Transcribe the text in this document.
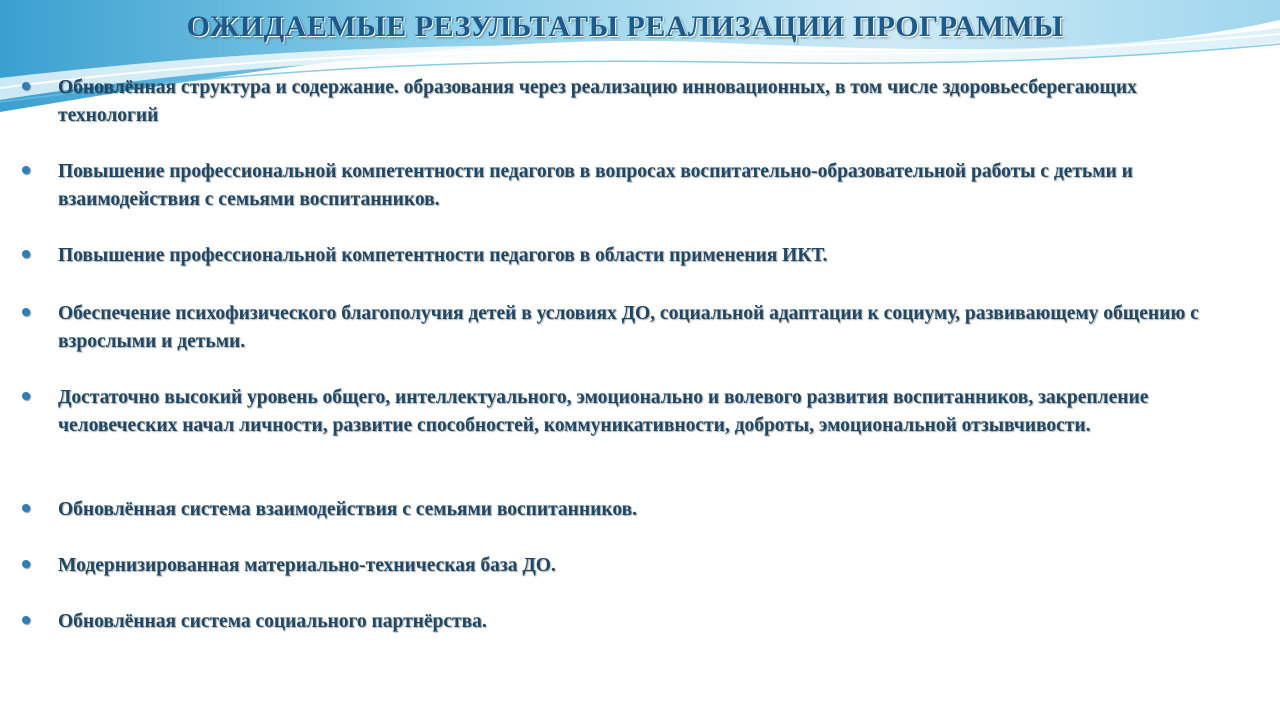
ОЖИДАЕМЫЕ РЕЗУЛЬТАТЫ РЕАЛИЗАЦИИ ПРОГРАММЫ
Обновлённая структура и содержание. образования через реализацию инновационных, в том числе здоровьесберегающих технологий
Повышение профессиональной компетентности педагогов в вопросах воспитательно-образовательной работы с детьми и взаимодействия с семьями воспитанников.
Повышение профессиональной компетентности педагогов в области применения ИКТ.
Обеспечение психофизического благополучия детей в условиях ДО, социальной адаптации к социуму, развивающему общению с взрослыми и детьми.
Достаточно высокий уровень общего, интеллектуального, эмоционально и волевого развития воспитанников, закрепление человеческих начал личности, развитие способностей, коммуникативности, доброты, эмоциональной отзывчивости.
Обновлённая система взаимодействия с семьями воспитанников.
Модернизированная материально-техническая база ДО.
Обновлённая система социального партнёрства.
